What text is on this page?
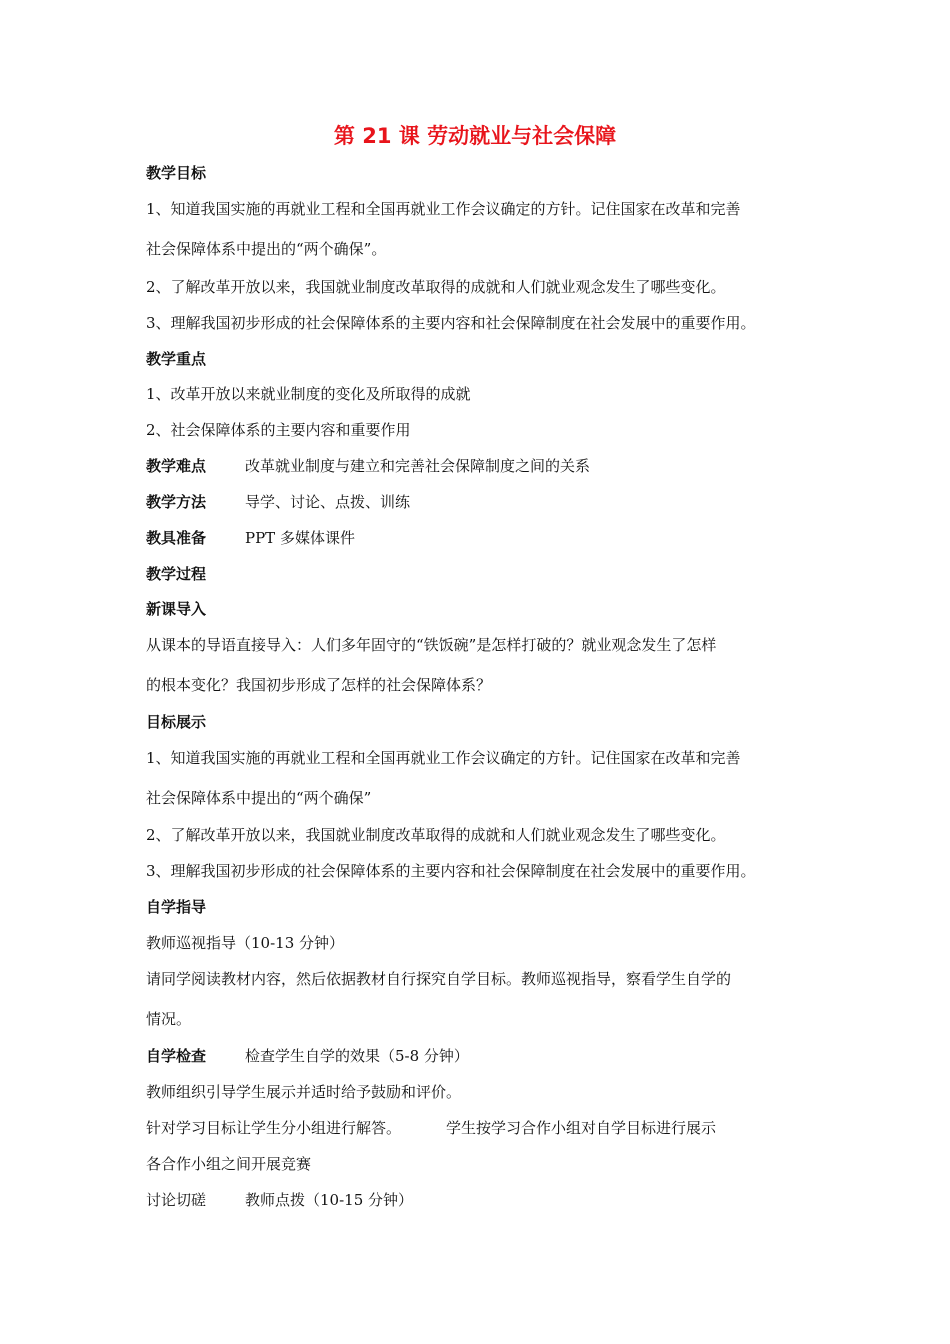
第 21 课 劳动就业与社会保障
教学目标
1、知道我国实施的再就业工程和全国再就业工作会议确定的方针。记住国家在改革和完善
社会保障体系中提出的“两个确保”。
2、了解改革开放以来，我国就业制度改革取得的成就和人们就业观念发生了哪些变化。
3、理解我国初步形成的社会保障体系的主要内容和社会保障制度在社会发展中的重要作用。
教学重点
1、改革开放以来就业制度的变化及所取得的成就
2、社会保障体系的主要内容和重要作用
教学难点	改革就业制度与建立和完善社会保障制度之间的关系
教学方法	导学、讨论、点拨、训练
教具准备	PPT 多媒体课件
教学过程
新课导入
从课本的导语直接导入：人们多年固守的“铁饭碗”是怎样打破的？就业观念发生了怎样
的根本变化？我国初步形成了怎样的社会保障体系？
目标展示
1、知道我国实施的再就业工程和全国再就业工作会议确定的方针。记住国家在改革和完善
社会保障体系中提出的“两个确保”
2、了解改革开放以来，我国就业制度改革取得的成就和人们就业观念发生了哪些变化。
3、理解我国初步形成的社会保障体系的主要内容和社会保障制度在社会发展中的重要作用。
自学指导
教师巡视指导（10-13 分钟）
请同学阅读教材内容，然后依据教材自行探究自学目标。教师巡视指导，察看学生自学的
情况。
自学检查	检查学生自学的效果（5-8 分钟）
教师组织引导学生展示并适时给予鼓励和评价。
针对学习目标让学生分小组进行解答。	学生按学习合作小组对自学目标进行展示
各合作小组之间开展竞赛
讨论切磋	教师点拨（10-15 分钟）
